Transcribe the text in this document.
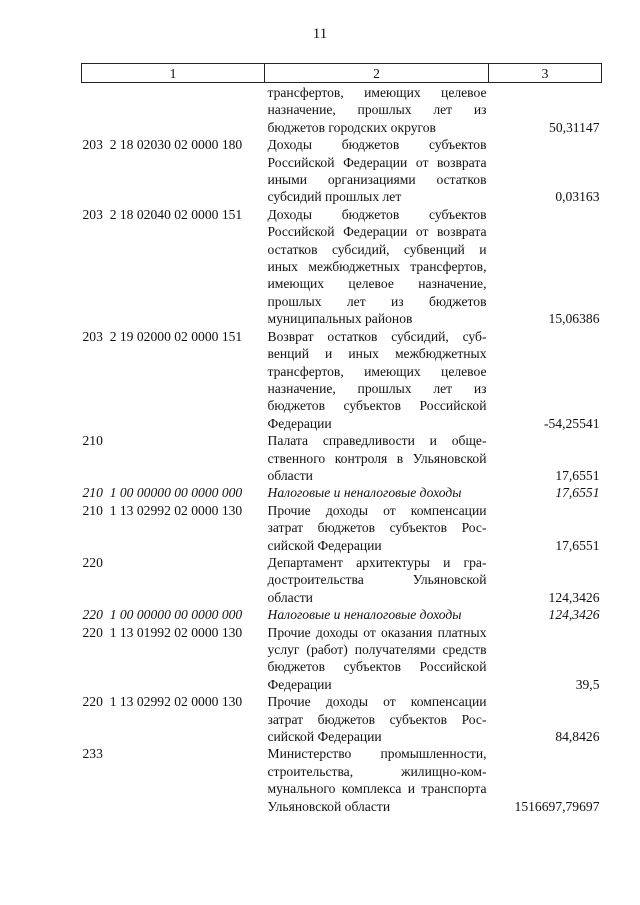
11
1	2	3
	трансфертов, имеющих целевое назначение, прошлых лет из бюджетов городских округов	50,31147
203  2 18 02030 02 0000 180	Доходы бюджетов субъектов Российской Федерации от возврата иными организациями остатков субсидий прошлых лет	0,03163
203  2 18 02040 02 0000 151	Доходы бюджетов субъектов Российской Федерации от возврата остатков субсидий, субвенций и иных межбюджетных трансфертов, имеющих целевое назначение, прошлых лет из бюджетов муниципальных районов	15,06386
203  2 19 02000 02 0000 151	Возврат остатков субсидий, субвенций и иных межбюджетных трансфертов, имеющих целевое назначение, прошлых лет из бюджетов субъектов Российской Федерации	-54,25541
210	Палата справедливости и общественного контроля в Ульяновской области	17,6551
210  1 00 00000 00 0000 000	Налоговые и неналоговые доходы	17,6551
210  1 13 02992 02 0000 130	Прочие доходы от компенсации затрат бюджетов субъектов Российской Федерации	17,6551
220	Департамент архитектуры и градостроительства Ульяновской области	124,3426
220  1 00 00000 00 0000 000	Налоговые и неналоговые доходы	124,3426
220  1 13 01992 02 0000 130	Прочие доходы от оказания платных услуг (работ) получателями средств бюджетов субъектов Российской Федерации	39,5
220  1 13 02992 02 0000 130	Прочие доходы от компенсации затрат бюджетов субъектов Российской Федерации	84,8426
233	Министерство промышленности, строительства, жилищно-коммунального комплекса и транспорта Ульяновской области	1516697,79697
